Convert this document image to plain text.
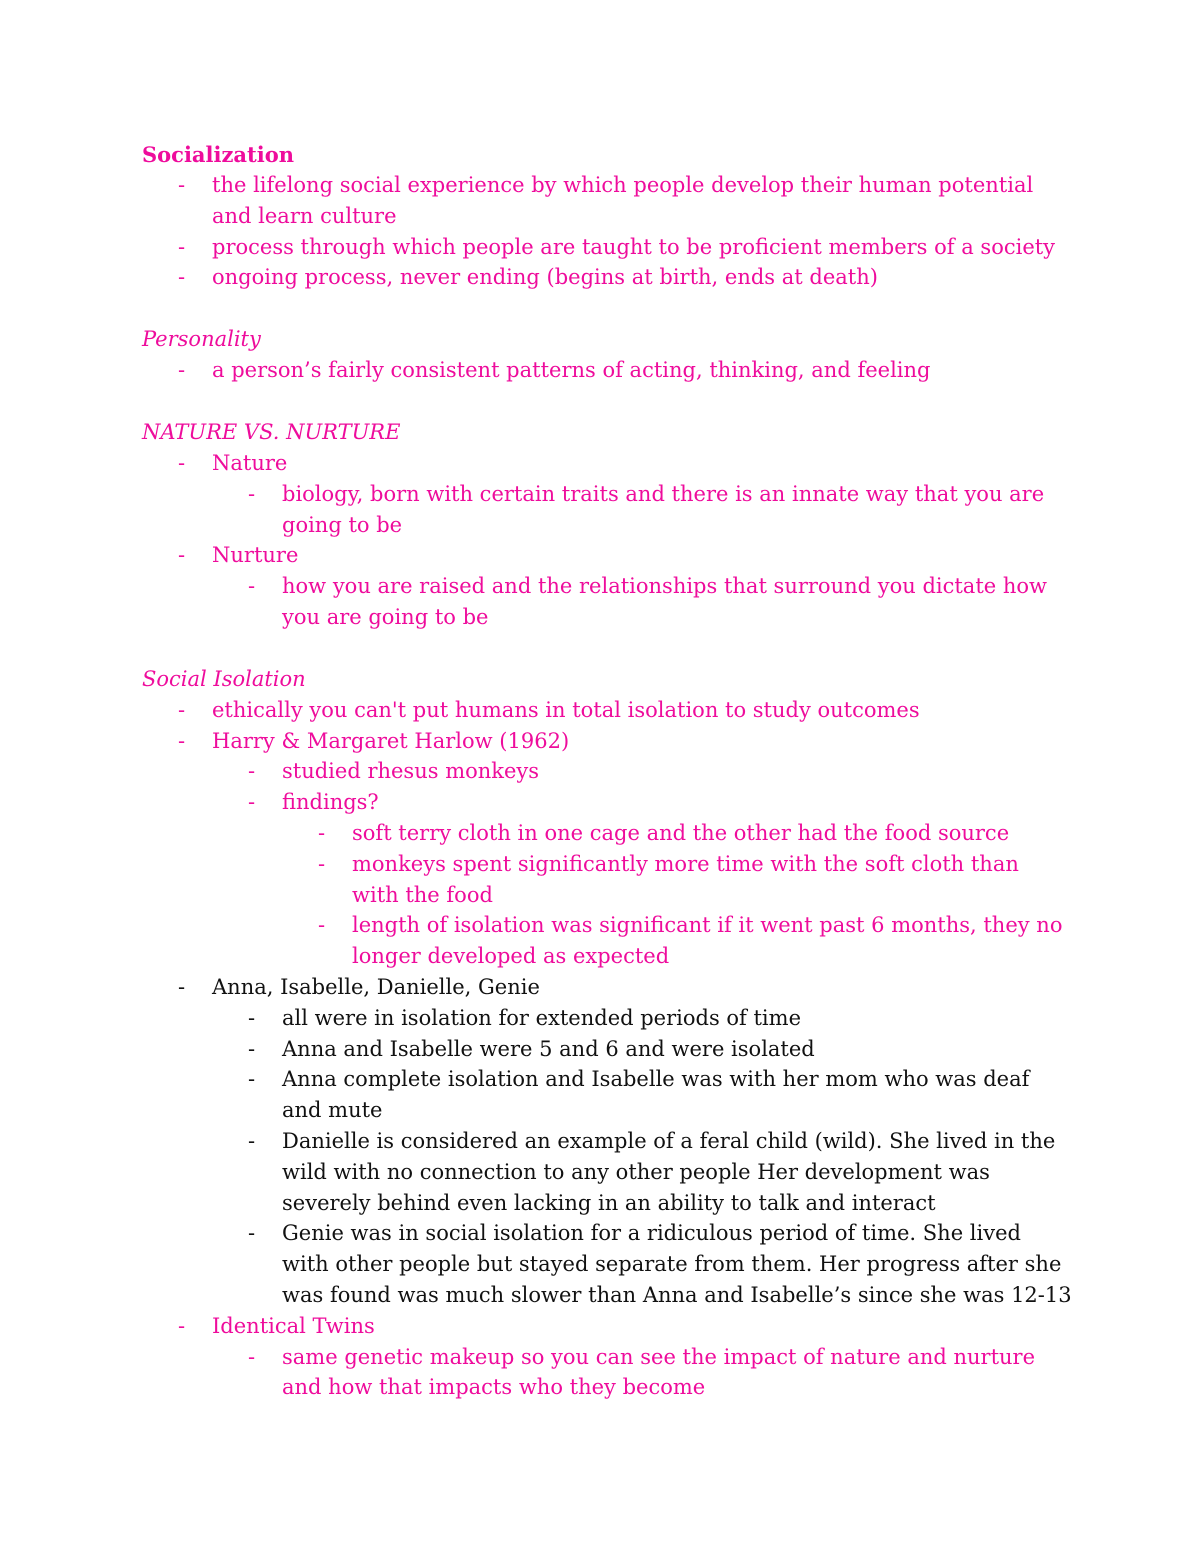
Socialization
- the lifelong social experience by which people develop their human potential and learn culture
- process through which people are taught to be proficient members of a society
- ongoing process, never ending (begins at birth, ends at death)
Personality
- a person’s fairly consistent patterns of acting, thinking, and feeling
NATURE VS. NURTURE
- Nature
- biology, born with certain traits and there is an innate way that you are going to be
- Nurture
- how you are raised and the relationships that surround you dictate how you are going to be
Social Isolation
- ethically you can't put humans in total isolation to study outcomes
- Harry & Margaret Harlow (1962)
- studied rhesus monkeys
- findings?
- soft terry cloth in one cage and the other had the food source
- monkeys spent significantly more time with the soft cloth than with the food
- length of isolation was significant if it went past 6 months, they no longer developed as expected
- Anna, Isabelle, Danielle, Genie
- all were in isolation for extended periods of time
- Anna and Isabelle were 5 and 6 and were isolated
- Anna complete isolation and Isabelle was with her mom who was deaf and mute
- Danielle is considered an example of a feral child (wild). She lived in the wild with no connection to any other people Her development was severely behind even lacking in an ability to talk and interact
- Genie was in social isolation for a ridiculous period of time. She lived with other people but stayed separate from them. Her progress after she was found was much slower than Anna and Isabelle’s since she was 12-13
- Identical Twins
- same genetic makeup so you can see the impact of nature and nurture and how that impacts who they become
